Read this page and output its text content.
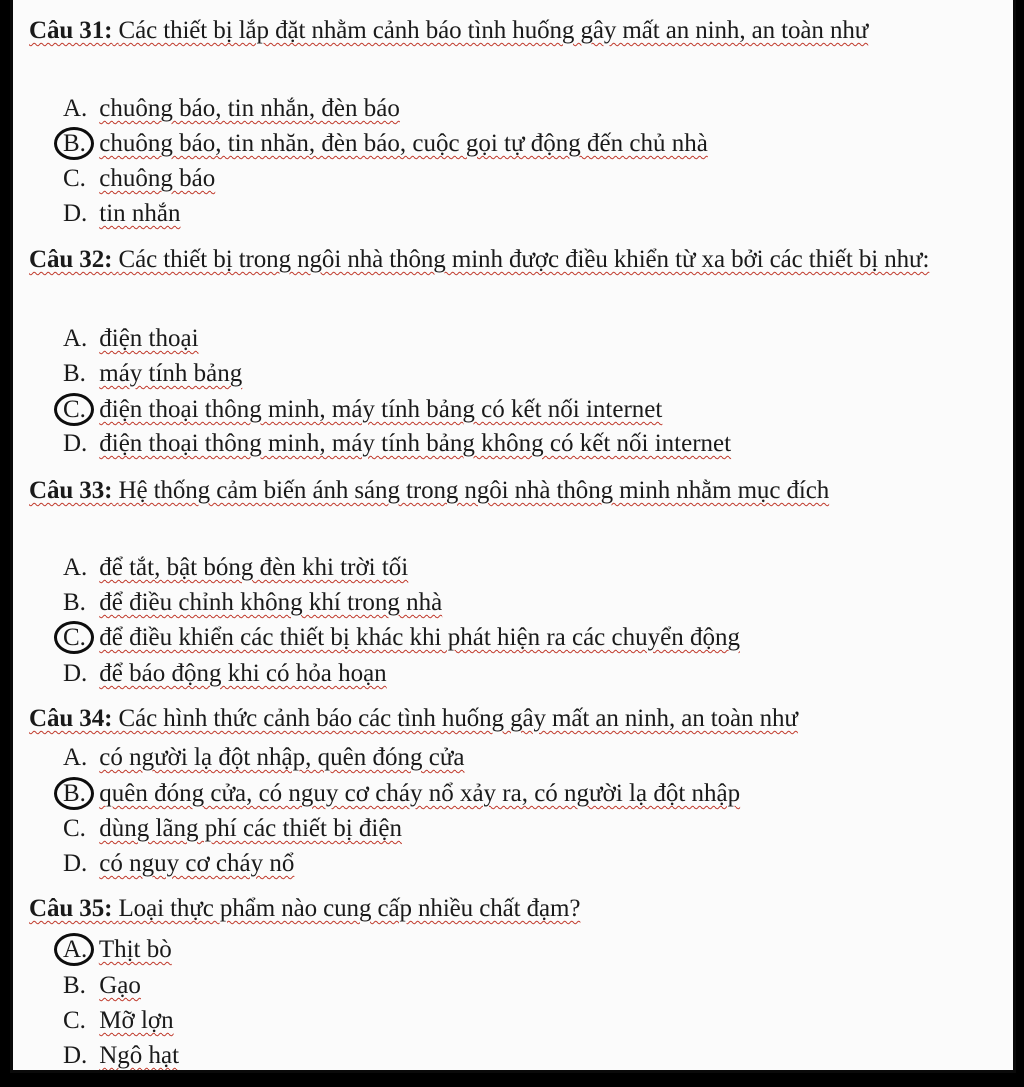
Câu 31: Các thiết bị lắp đặt nhằm cảnh báo tình huống gây mất an ninh, an toàn như
A. chuông báo, tin nhắn, đèn báo
B. chuông báo, tin nhăn, đèn báo, cuộc gọi tự động đến chủ nhà
C. chuông báo
D. tin nhắn
Câu 32: Các thiết bị trong ngôi nhà thông minh được điều khiển từ xa bởi các thiết bị như:
A. điện thoại
B. máy tính bảng
C. điện thoại thông minh, máy tính bảng có kết nối internet
D. điện thoại thông minh, máy tính bảng không có kết nối internet
Câu 33: Hệ thống cảm biến ánh sáng trong ngôi nhà thông minh nhằm mục đích
A. để tắt, bật bóng đèn khi trời tối
B. để điều chỉnh không khí trong nhà
C. để điều khiển các thiết bị khác khi phát hiện ra các chuyển động
D. để báo động khi có hỏa hoạn
Câu 34: Các hình thức cảnh báo các tình huống gây mất an ninh, an toàn như
A. có người lạ đột nhập, quên đóng cửa
B. quên đóng cửa, có nguy cơ cháy nổ xảy ra, có người lạ đột nhập
C. dùng lãng phí các thiết bị điện
D. có nguy cơ cháy nổ
Câu 35: Loại thực phẩm nào cung cấp nhiều chất đạm?
A. Thịt bò
B. Gạo
C. Mỡ lợn
D. Ngô hạt
